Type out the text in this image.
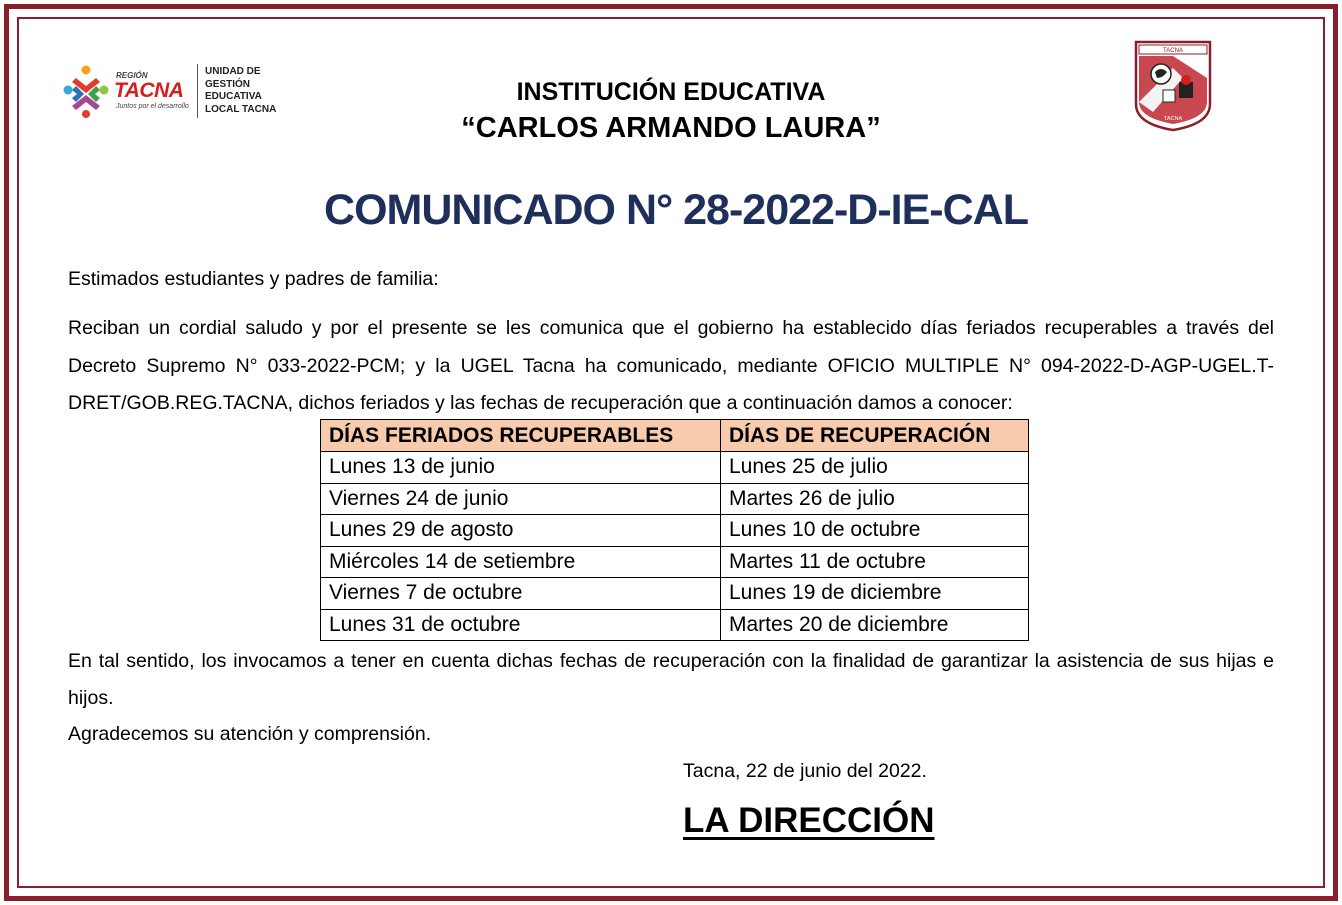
REGIÓN
TACNA
Juntos por el desarrollo
UNIDAD DE
GESTIÓN
EDUCATIVA
LOCAL TACNA
TACNA
TACNA
INSTITUCIÓN EDUCATIVA
“CARLOS ARMANDO LAURA”
COMUNICADO N° 28-2022-D-IE-CAL
Estimados estudiantes y padres de familia:
Reciban un cordial saludo y por el presente se les comunica que el gobierno ha establecido días feriados recuperables a través del Decreto Supremo N° 033-2022-PCM; y la UGEL Tacna ha comunicado, mediante OFICIO MULTIPLE N° 094-2022-D-AGP-UGEL.T-DRET/GOB.REG.TACNA, dichos feriados y las fechas de recuperación que a continuación damos a conocer:
DÍAS FERIADOS RECUPERABLES	DÍAS DE RECUPERACIÓN
Lunes 13 de junio	Lunes 25 de julio
Viernes 24 de junio	Martes 26 de julio
Lunes 29 de agosto	Lunes 10 de octubre
Miércoles 14 de setiembre	Martes 11 de octubre
Viernes 7 de octubre	Lunes 19 de diciembre
Lunes 31 de octubre	Martes 20 de diciembre
En tal sentido, los invocamos a tener en cuenta dichas fechas de recuperación con la finalidad de garantizar la asistencia de sus hijas e hijos.
Agradecemos su atención y comprensión.
Tacna, 22 de junio del 2022.
LA DIRECCIÓN
